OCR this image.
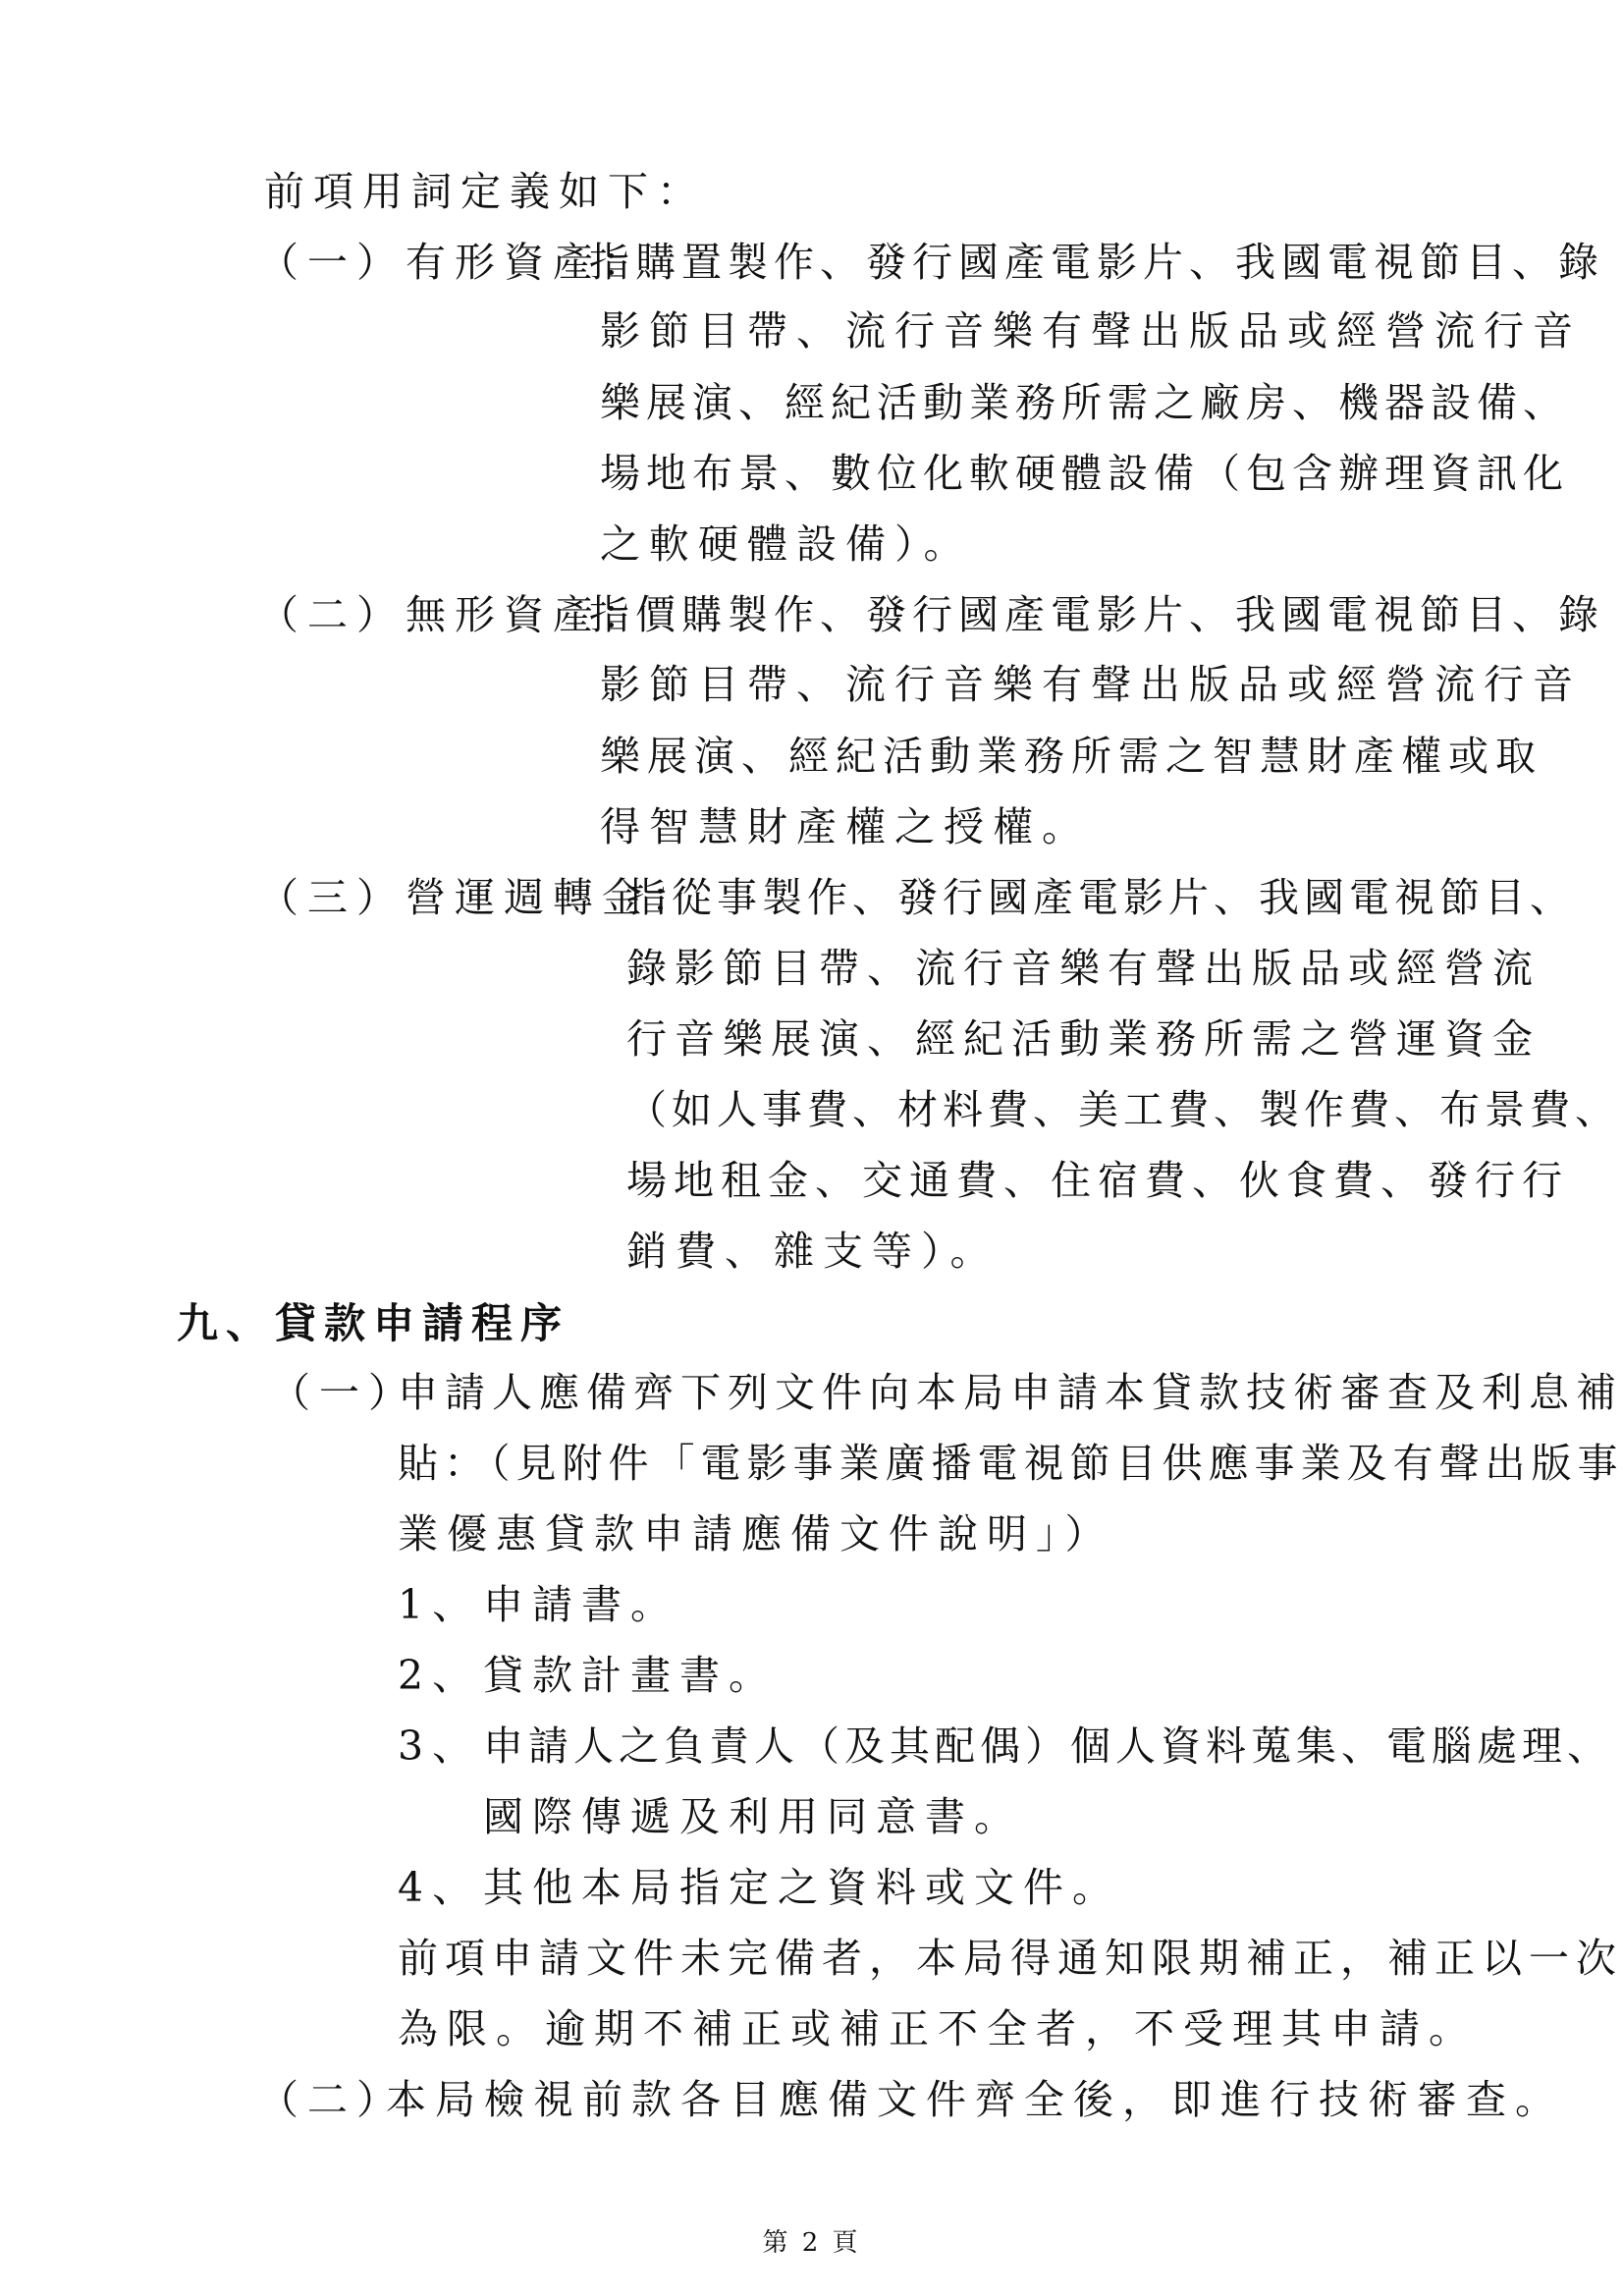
前項用詞定義如下：
（一）有形資產：
指購置製作、發行國產電影片、我國電視節目、錄
影節目帶、流行音樂有聲出版品或經營流行音
樂展演、經紀活動業務所需之廠房、機器設備、
場地布景、數位化軟硬體設備（包含辦理資訊化
之軟硬體設備）。
（二）無形資產：
指價購製作、發行國產電影片、我國電視節目、錄
影節目帶、流行音樂有聲出版品或經營流行音
樂展演、經紀活動業務所需之智慧財產權或取
得智慧財產權之授權。
（三）營運週轉金：
指從事製作、發行國產電影片、我國電視節目、
錄影節目帶、流行音樂有聲出版品或經營流
行音樂展演、經紀活動業務所需之營運資金
（如人事費、材料費、美工費、製作費、布景費、
場地租金、交通費、住宿費、伙食費、發行行
銷費、雜支等）。
九、貸款申請程序
（一）
申請人應備齊下列文件向本局申請本貸款技術審查及利息補
貼：（見附件「電影事業廣播電視節目供應事業及有聲出版事
業優惠貸款申請應備文件說明」）
1、 申請書。
2、 貸款計畫書。
3、 申請人之負責人（及其配偶）個人資料蒐集、電腦處理、
國際傳遞及利用同意書。
4、 其他本局指定之資料或文件。
前項申請文件未完備者，本局得通知限期補正，補正以一次
為限。逾期不補正或補正不全者，不受理其申請。
（二）
本局檢視前款各目應備文件齊全後，即進行技術審查。
第 2 頁
